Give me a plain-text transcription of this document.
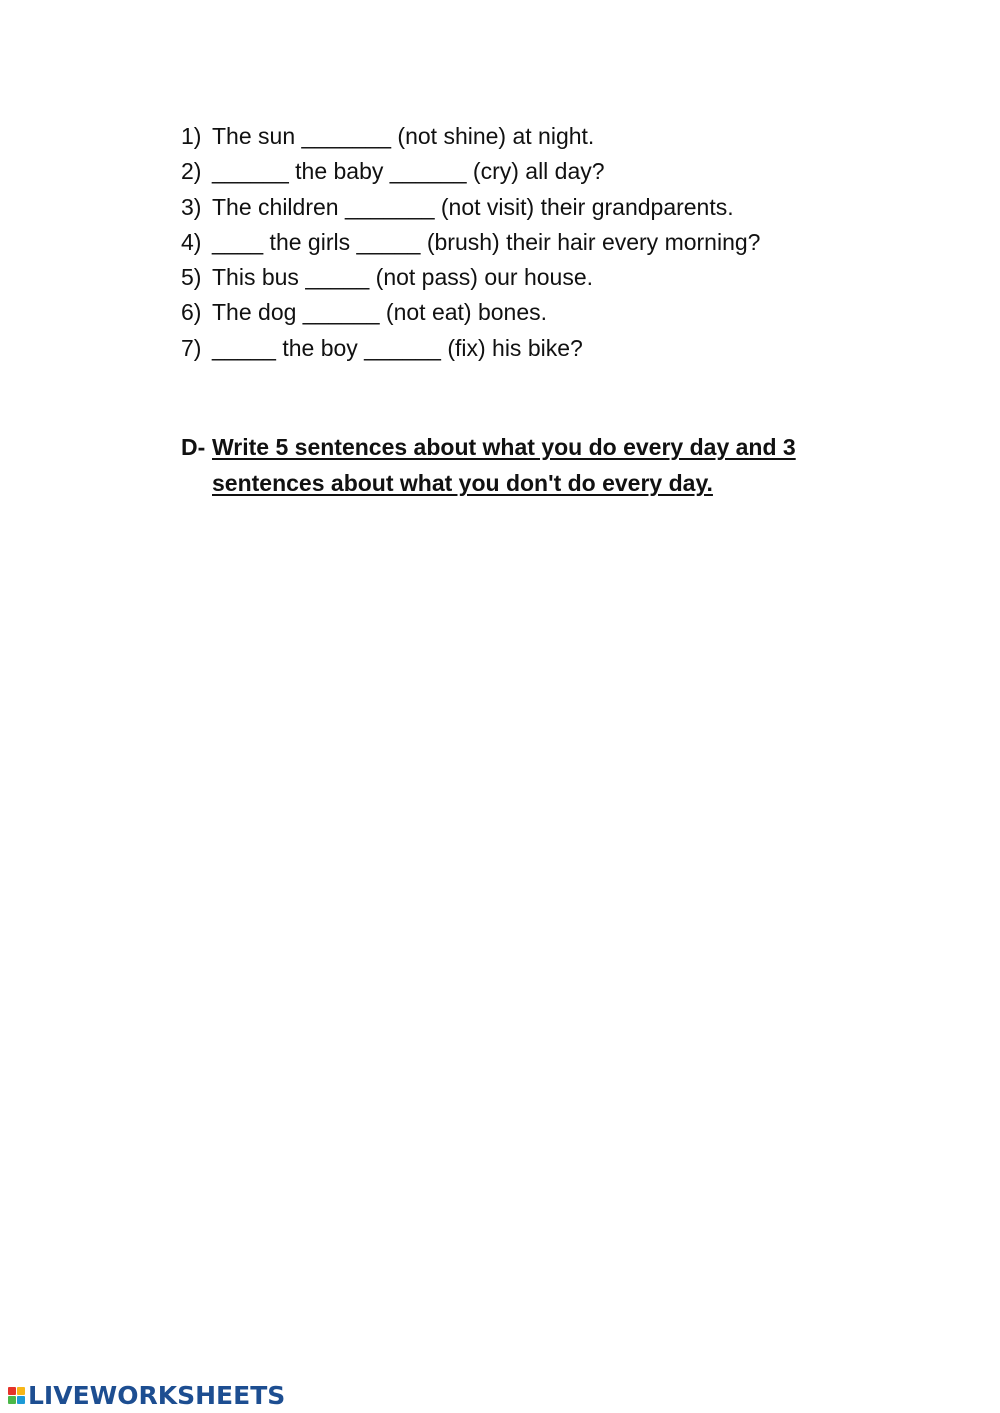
1) The sun _______ (not shine) at night.
2) ______ the baby ______ (cry) all day?
3) The children _______ (not visit) their grandparents.
4) ____ the girls _____ (brush) their hair every morning?
5) This bus _____ (not pass) our house.
6) The dog ______ (not eat) bones.
7) _____ the boy ______ (fix) his bike?
D- Write 5 sentences about what you do every day and 3 sentences about what you don't do every day.
LIVEWORKSHEETS
